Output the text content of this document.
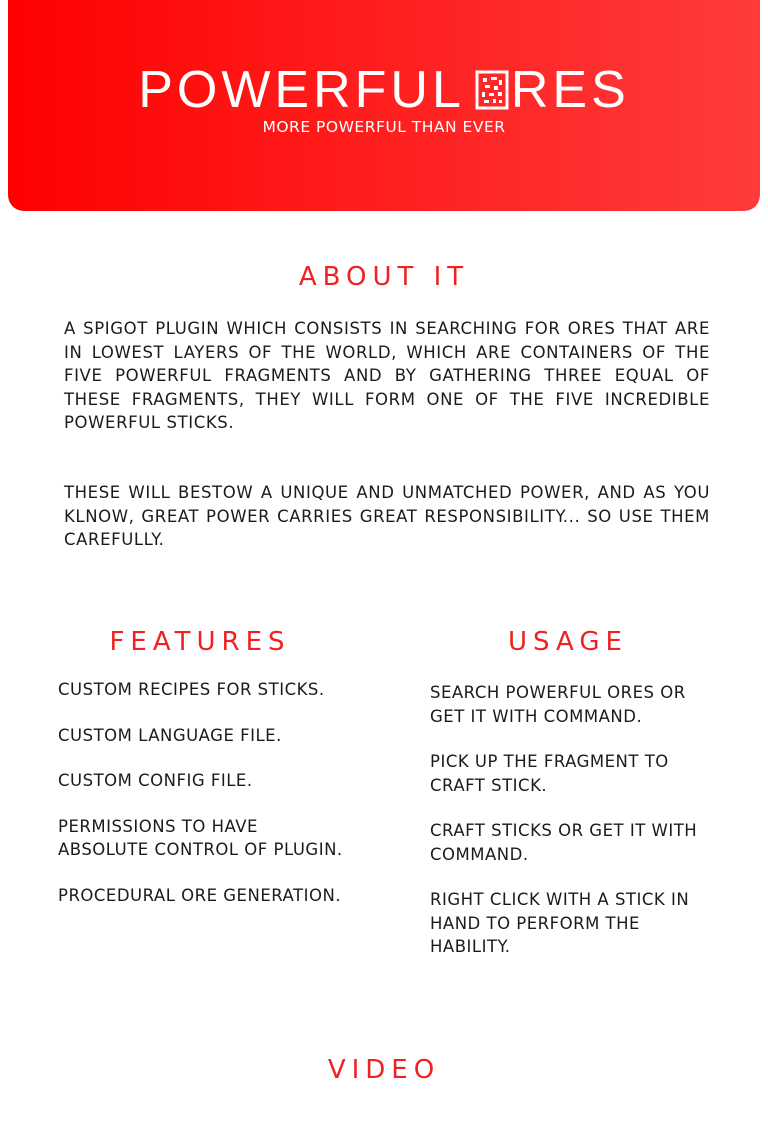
POWERFUL RES
MORE POWERFUL THAN EVER
ABOUT IT
A SPIGOT PLUGIN WHICH CONSISTS IN SEARCHING FOR ORES THAT ARE IN LOWEST LAYERS OF THE WORLD, WHICH ARE CONTAINERS OF THE FIVE POWERFUL FRAGMENTS AND BY GATHERING THREE EQUAL OF THESE FRAGMENTS, THEY WILL FORM ONE OF THE FIVE INCREDIBLE POWERFUL STICKS.
THESE WILL BESTOW A UNIQUE AND UNMATCHED POWER, AND AS YOU KLNOW, GREAT POWER CARRIES GREAT RESPONSIBILITY... SO USE THEM CAREFULLY.
FEATURES
CUSTOM RECIPES FOR STICKS.
CUSTOM LANGUAGE FILE.
CUSTOM CONFIG FILE.
PERMISSIONS TO HAVE ABSOLUTE CONTROL OF PLUGIN.
PROCEDURAL ORE GENERATION.
USAGE
SEARCH POWERFUL ORES OR GET IT WITH COMMAND.
PICK UP THE FRAGMENT TO CRAFT STICK.
CRAFT STICKS OR GET IT WITH COMMAND.
RIGHT CLICK WITH A STICK IN HAND TO PERFORM THE HABILITY.
VIDEO
